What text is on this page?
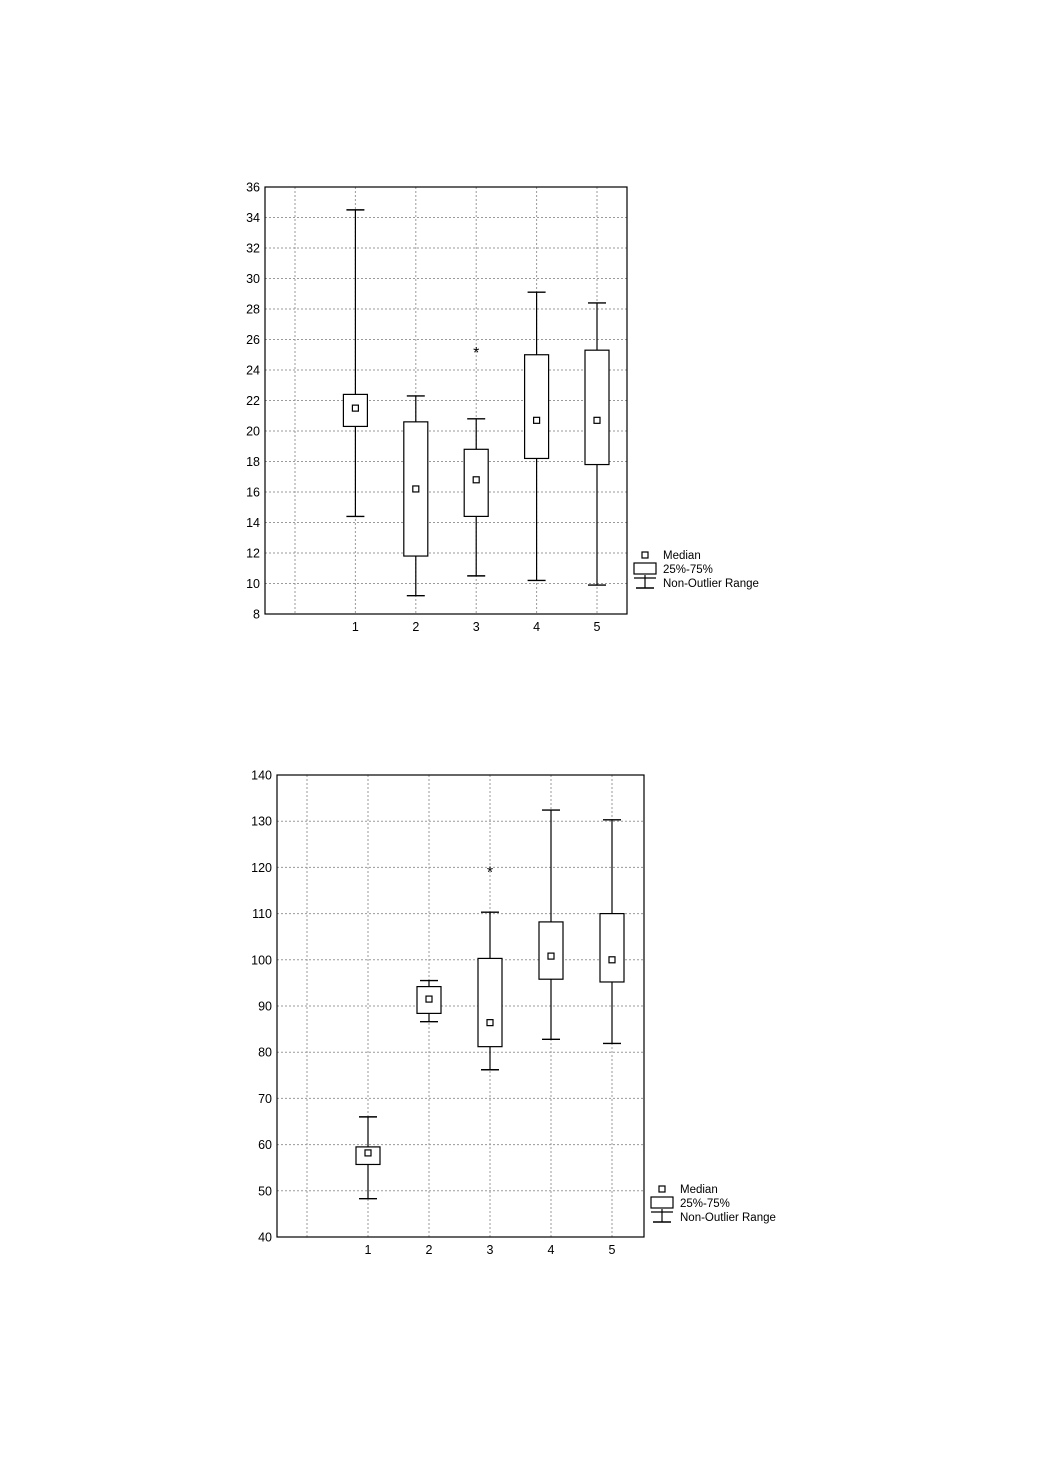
8
10
12
14
16
18
20
22
24
26
28
30
32
34
36
1	2	3	4	5
*
Median
25%-75%
Non-Outlier Range
40
50
60
70
80
90
100
110
120
130
140
1	2	3	4	5
*
Median
25%-75%
Non-Outlier Range
